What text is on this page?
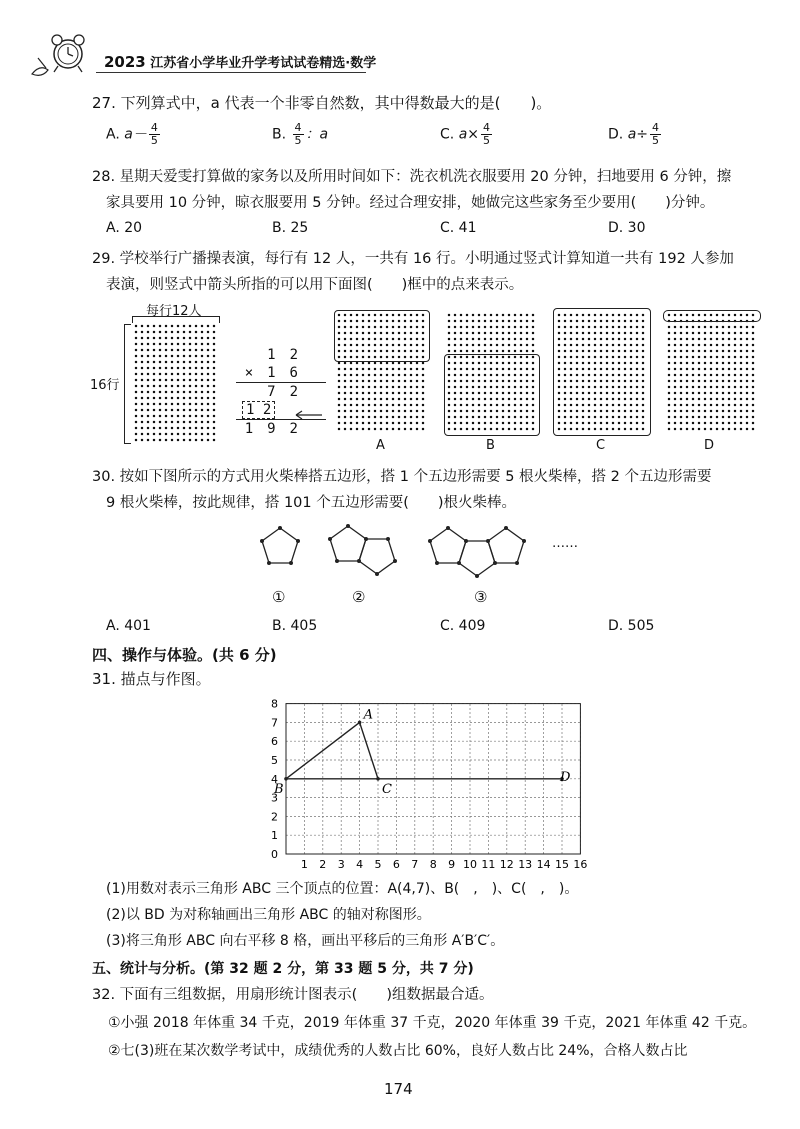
2023 江苏省小学毕业升学考试试卷精选·数学
27. 下列算式中，a 代表一个非零自然数，其中得数最大的是(　　)。
A. $a- \frac{4}{5}$	B. $\frac{4}{5}$ ：a	C. $a\times \frac{4}{5}$	D. $a\div \frac{4}{5}$
28. 星期天爱雯打算做的家务以及所用时间如下：洗衣机洗衣服要用 20 分钟，扫地要用 6 分钟，擦
家具要用 10 分钟，晾衣服要用 5 分钟。经过合理安排，她做完这些家务至少要用(　　)分钟。
A. 20	B. 25	C. 41	D. 30
29. 学校举行广播操表演，每行有 12 人，一共有 16 行。小明通过竖式计算知道一共有 192 人参加
表演，则竖式中箭头所指的可以用下面图(　　)框中的点来表示。
每行12人
16行
1　2
×　1　6
7　2
1 2
1　9　2
A	B	C	D
30. 按如下图所示的方式用火柴棒搭五边形，搭 1 个五边形需要 5 根火柴棒，搭 2 个五边形需要
9 根火柴棒，按此规律，搭 101 个五边形需要(　　)根火柴棒。
……
①	②	③
A. 401	B. 405	C. 409	D. 505
四、操作与体验。(共 6 分)
31. 描点与作图。
1 2 3 4 5 6 7 8 9 10 11 12 13 14 15 16
0
1
2
3
4
5
6
7
8
A
B	C
D
(1)用数对表示三角形 ABC 三个顶点的位置：A(4,7)、B(　,　)、C(　,　)。
(2)以 BD 为对称轴画出三角形 ABC 的轴对称图形。
(3)将三角形 ABC 向右平移 8 格，画出平移后的三角形 A′B′C′。
五、统计与分析。(第 32 题 2 分，第 33 题 5 分，共 7 分)
32. 下面有三组数据，用扇形统计图表示(　　)组数据最合适。
①小强 2018 年体重 34 千克，2019 年体重 37 千克，2020 年体重 39 千克，2021 年体重 42 千克。
②七(3)班在某次数学考试中，成绩优秀的人数占比 60%，良好人数占比 24%，合格人数占比
174
